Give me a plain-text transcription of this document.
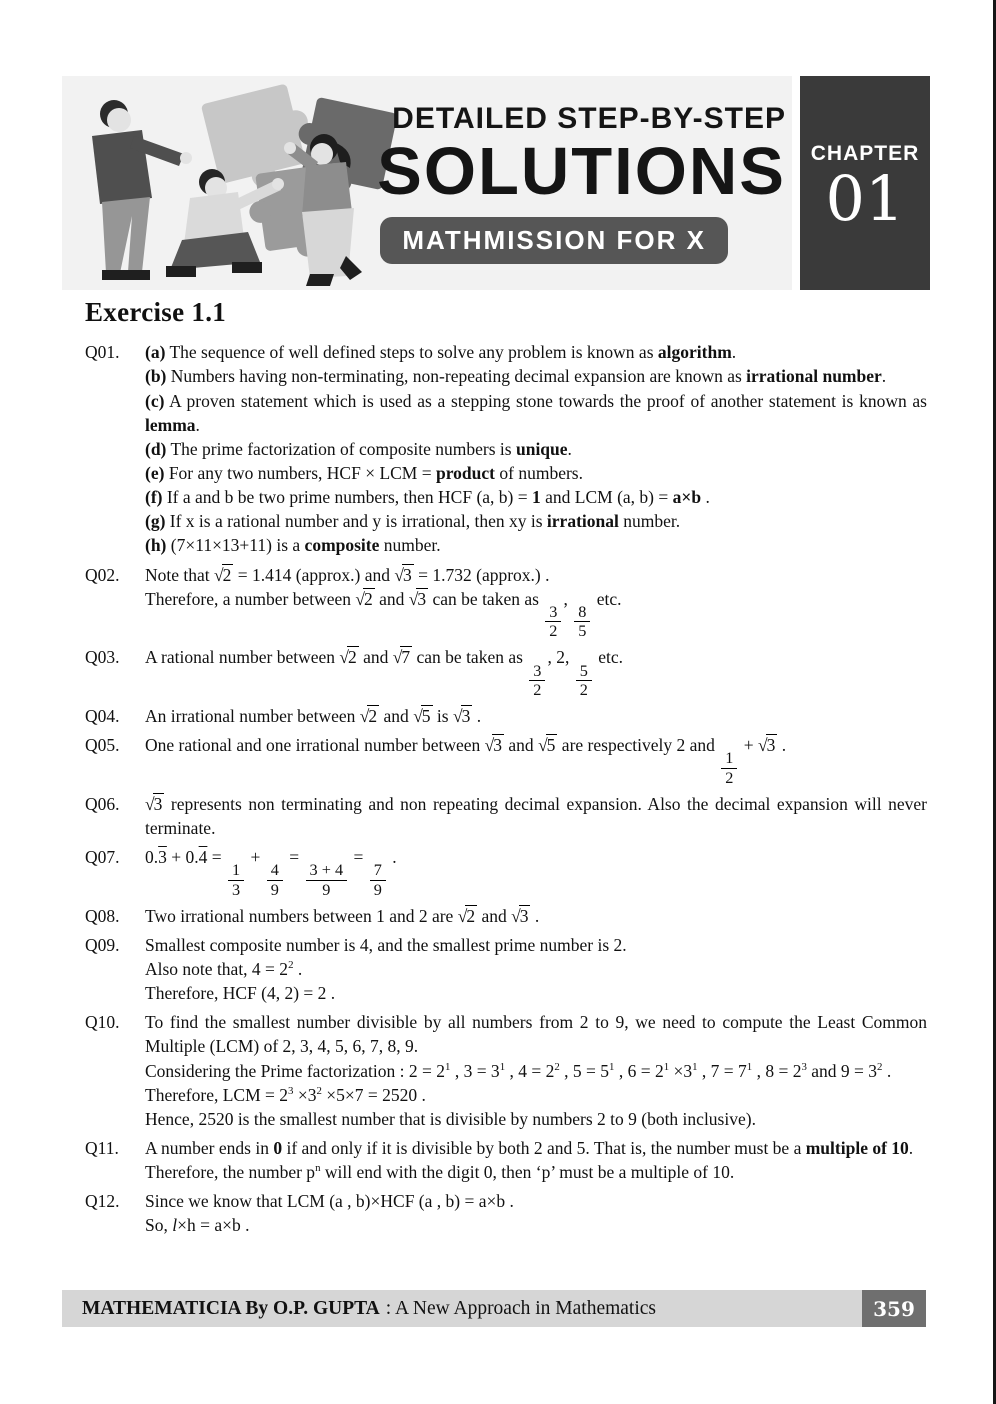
DETAILED STEP-BY-STEP
SOLUTIONS
MATHMISSION FOR X
CHAPTER
01
Exercise 1.1
Q01.	(a) The sequence of well defined steps to solve any problem is known as algorithm.
(b) Numbers having non-terminating, non-repeating decimal expansion are known as irrational number.
(c) A proven statement which is used as a stepping stone towards the proof of another statement is known as lemma.
(d) The prime factorization of composite numbers is unique.
(e) For any two numbers, HCF × LCM = product of numbers.
(f) If a and b be two prime numbers, then HCF (a, b) = 1 and LCM (a, b) = a×b .
(g) If x is a rational number and y is irrational, then xy is irrational number.
(h) (7×11×13+11) is a composite number.
Q02.	Note that √2 = 1.414 (approx.) and √3 = 1.732 (approx.) .
Therefore, a number between √2 and √3 can be taken as
$\frac{3}{2}$
,
$\frac{8}{5}$
etc.
Q03.	A rational number between √2 and √7 can be taken as
$\frac{3}{2}$
, 2,
$\frac{5}{2}$
etc.
Q04.	An irrational number between √2 and √5 is √3 .
Q05.	One rational and one irrational number between √3 and √5 are respectively 2 and
$\frac{1}{2}$
+ √3 .
Q06.	√3 represents non terminating and non repeating decimal expansion. Also the decimal expansion will never terminate.
Q07.	0.3 + 0.4 =
$\frac{1}{3}$
+
$\frac{4}{9}$
=
$\frac{3 + 4}{9}$
=
$\frac{7}{9}$
.
Q08.	Two irrational numbers between 1 and 2 are √2 and √3 .
Q09.	Smallest composite number is 4, and the smallest prime number is 2.
Also note that, $4 = 2^2$ .
Therefore, HCF (4, 2) = 2 .
Q10.	To find the smallest number divisible by all numbers from 2 to 9, we need to compute the Least Common Multiple (LCM) of 2, 3, 4, 5, 6, 7, 8, 9.
Considering the Prime factorization : $2 = 2^1$ , $3 = 3^1$ , $4 = 2^2$ , $5 = 5^1$ , $6 = 2^1 \times 3^1$ , $7 = 7^1$ , $8 = 2^3$ and $9 = 3^2$ .
Therefore, LCM = $2^3 \times 3^2 \times 5\times 7 = 2520$ .
Hence, 2520 is the smallest number that is divisible by numbers 2 to 9 (both inclusive).
Q11.	A number ends in 0 if and only if it is divisible by both 2 and 5. That is, the number must be a multiple of 10.
Therefore, the number $p^n$ will end with the digit 0, then ‘p’ must be a multiple of 10.
Q12.	Since we know that LCM (a , b)×HCF (a , b) = a×b .
So, l×h = a×b .
MATHEMATICIA By O.P. GUPTA : A New Approach in Mathematics	359
